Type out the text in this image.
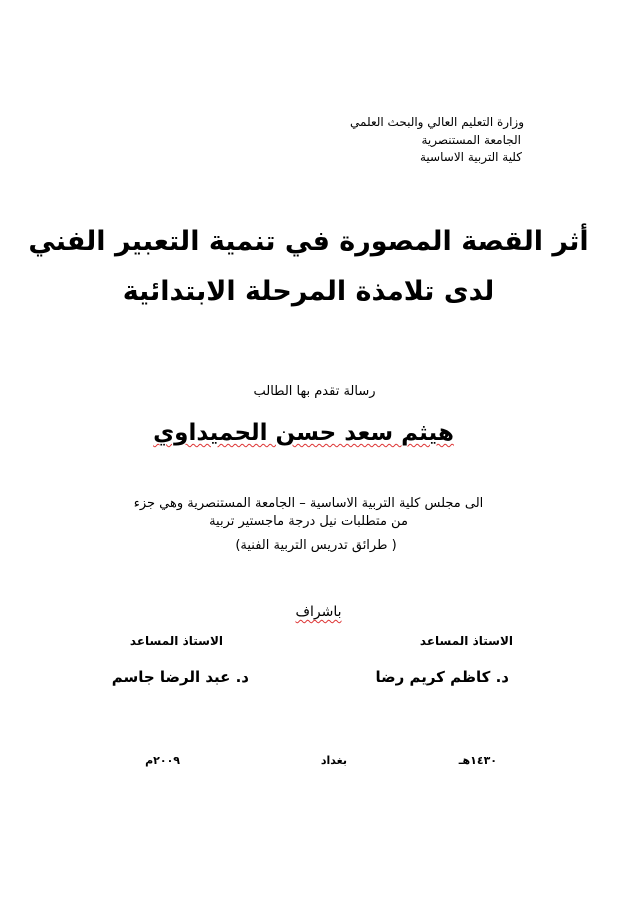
وزارة التعليم العالي والبحث العلمي
الجامعة المستنصرية
كلية التربية الاساسية
أثر القصة المصورة في تنمية التعبير الفني
لدى تلامذة المرحلة الابتدائية
رسالة تقدم بها الطالب
هيثم سعد حسن الحميداوي
الى مجلس كلية التربية الاساسية – الجامعة المستنصرية وهي جزء
من متطلبات نيل درجة ماجستير تربية
( طرائق تدريس التربية الفنية)
باشراف
الاستاذ المساعد
الاستاذ المساعد
د. كاظم كريم رضا
د. عبد الرضا جاسم
١٤٣٠هـ
بغداد
٢٠٠٩م
